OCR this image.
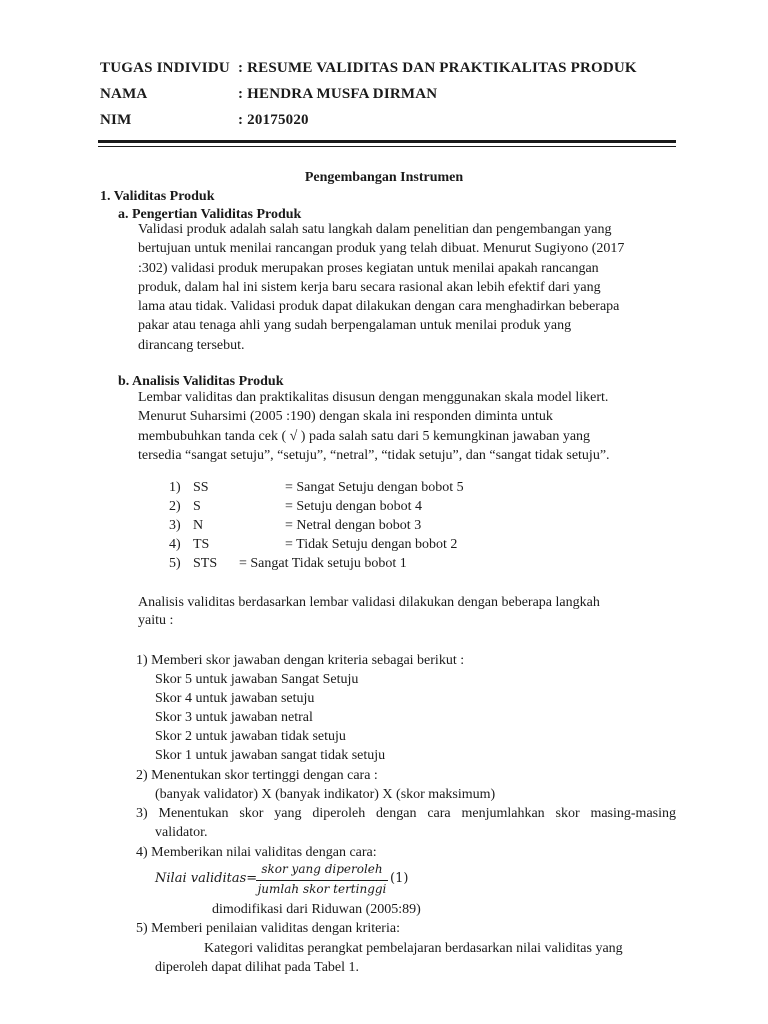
TUGAS INDIVIDU : RESUME VALIDITAS DAN PRAKTIKALITAS PRODUK
NAMA	: HENDRA MUSFA DIRMAN
NIM	: 20175020
Pengembangan Instrumen
1. Validitas Produk
a. Pengertian Validitas Produk
Validasi produk adalah salah satu langkah dalam penelitian dan pengembangan yang
bertujuan untuk menilai rancangan produk yang telah dibuat. Menurut Sugiyono (2017
:302) validasi produk merupakan proses kegiatan untuk menilai apakah rancangan
produk, dalam hal ini sistem kerja baru secara rasional akan lebih efektif dari yang
lama atau tidak. Validasi produk dapat dilakukan dengan cara menghadirkan beberapa
pakar atau tenaga ahli yang sudah berpengalaman untuk menilai produk yang
dirancang tersebut.
b. Analisis Validitas Produk
Lembar validitas dan praktikalitas disusun dengan menggunakan skala model likert.
Menurut Suharsimi (2005 :190) dengan skala ini responden diminta untuk
membubuhkan tanda cek ( √ ) pada salah satu dari 5 kemungkinan jawaban yang
tersedia “sangat setuju”, “setuju”, “netral”, “tidak setuju”, dan “sangat tidak setuju”.
1) SS	= Sangat Setuju dengan bobot 5
2) S	= Setuju dengan bobot 4
3) N	= Netral dengan bobot 3
4) TS	= Tidak Setuju dengan bobot 2
5) STS = Sangat Tidak setuju bobot 1
Analisis validitas berdasarkan lembar validasi dilakukan dengan beberapa langkah
yaitu :
1) Memberi skor jawaban dengan kriteria sebagai berikut :
Skor 5 untuk jawaban Sangat Setuju
Skor 4 untuk jawaban setuju
Skor 3 untuk jawaban netral
Skor 2 untuk jawaban tidak setuju
Skor 1 untuk jawaban sangat tidak setuju
2) Menentukan skor tertinggi dengan cara :
(banyak validator) X (banyak indikator) X (skor maksimum)
3) Menentukan skor yang diperoleh dengan cara menjumlahkan skor masing-masing
validator.
4) Memberikan nilai validitas dengan cara:
Nilai validitas=
skor yang diperoleh
jumlah skor tertinggi
(1)
dimodifikasi dari Riduwan (2005:89)
5) Memberi penilaian validitas dengan kriteria:
Kategori validitas perangkat pembelajaran berdasarkan nilai validitas yang
diperoleh dapat dilihat pada Tabel 1.
